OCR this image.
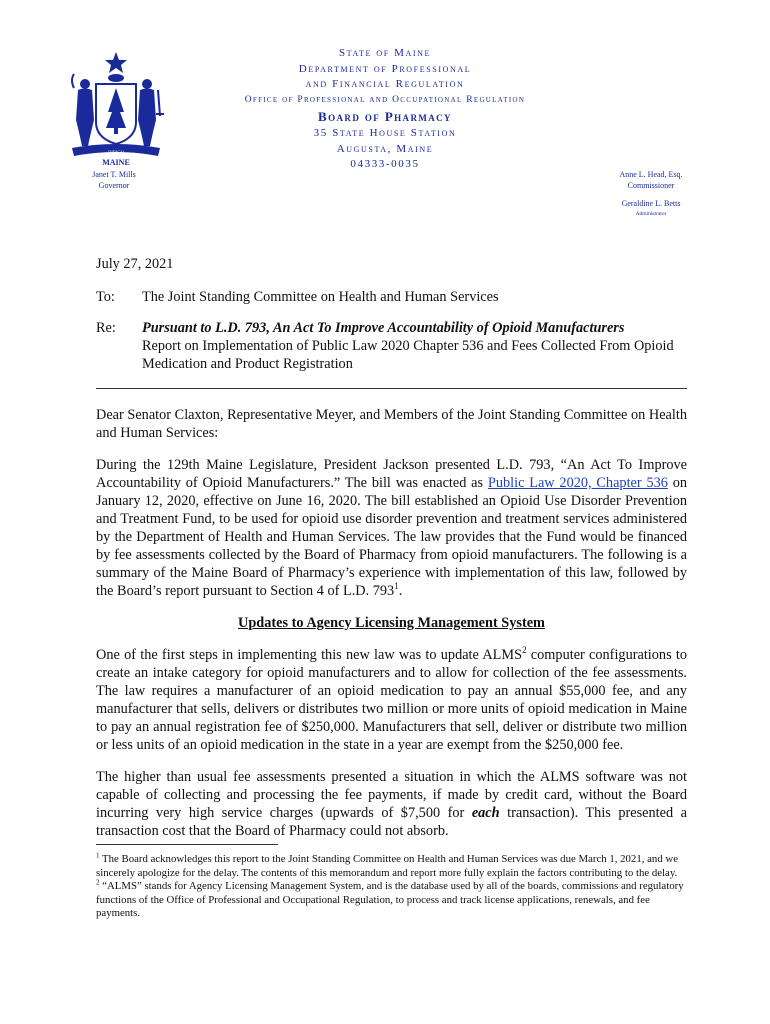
MAINE
DIRIGO
State of Maine
Department of Professional
and Financial Regulation
Office of Professional and Occupational Regulation
Board of Pharmacy
35 State House Station
Augusta, Maine
04333-0035
Janet T. Mills
Governor
Anne L. Head, Esq.
Commissioner
Geraldine L. Betts
Administrator
July 27, 2021
To:	The Joint Standing Committee on Health and Human Services
Re:	Pursuant to L.D. 793, An Act To Improve Accountability of Opioid Manufacturers
Report on Implementation of Public Law 2020 Chapter 536 and Fees Collected From Opioid Medication and Product Registration

Dear Senator Claxton, Representative Meyer, and Members of the Joint Standing Committee on Health and Human Services:

During the 129th Maine Legislature, President Jackson presented L.D. 793, “An Act To Improve Accountability of Opioid Manufacturers.” The bill was enacted as Public Law 2020, Chapter 536 on January 12, 2020, effective on June 16, 2020. The bill established an Opioid Use Disorder Prevention and Treatment Fund, to be used for opioid use disorder prevention and treatment services administered by the Department of Health and Human Services. The law provides that the Fund would be financed by fee assessments collected by the Board of Pharmacy from opioid manufacturers. The following is a summary of the Maine Board of Pharmacy’s experience with implementation of this law, followed by the Board’s report pursuant to Section 4 of L.D. $793^1$.

Updates to Agency Licensing Management System

One of the first steps in implementing this new law was to update ALMS$^2$ computer configurations to create an intake category for opioid manufacturers and to allow for collection of the fee assessments. The law requires a manufacturer of an opioid medication to pay an annual $55,000 fee, and any manufacturer that sells, delivers or distributes two million or more units of opioid medication in Maine to pay an annual registration fee of $250,000. Manufacturers that sell, deliver or distribute two million or less units of an opioid medication in the state in a year are exempt from the $250,000 fee.

The higher than usual fee assessments presented a situation in which the ALMS software was not capable of collecting and processing the fee payments, if made by credit card, without the Board incurring very high service charges (upwards of $7,500 for each transaction). This presented a transaction cost that the Board of Pharmacy could not absorb.

$^1$ The Board acknowledges this report to the Joint Standing Committee on Health and Human Services was due March 1, 2021, and we sincerely apologize for the delay. The contents of this memorandum and report more fully explain the factors contributing to the delay.
$^2$ “ALMS” stands for Agency Licensing Management System, and is the database used by all of the boards, commissions and regulatory functions of the Office of Professional and Occupational Regulation, to process and track license applications, renewals, and fee payments.
